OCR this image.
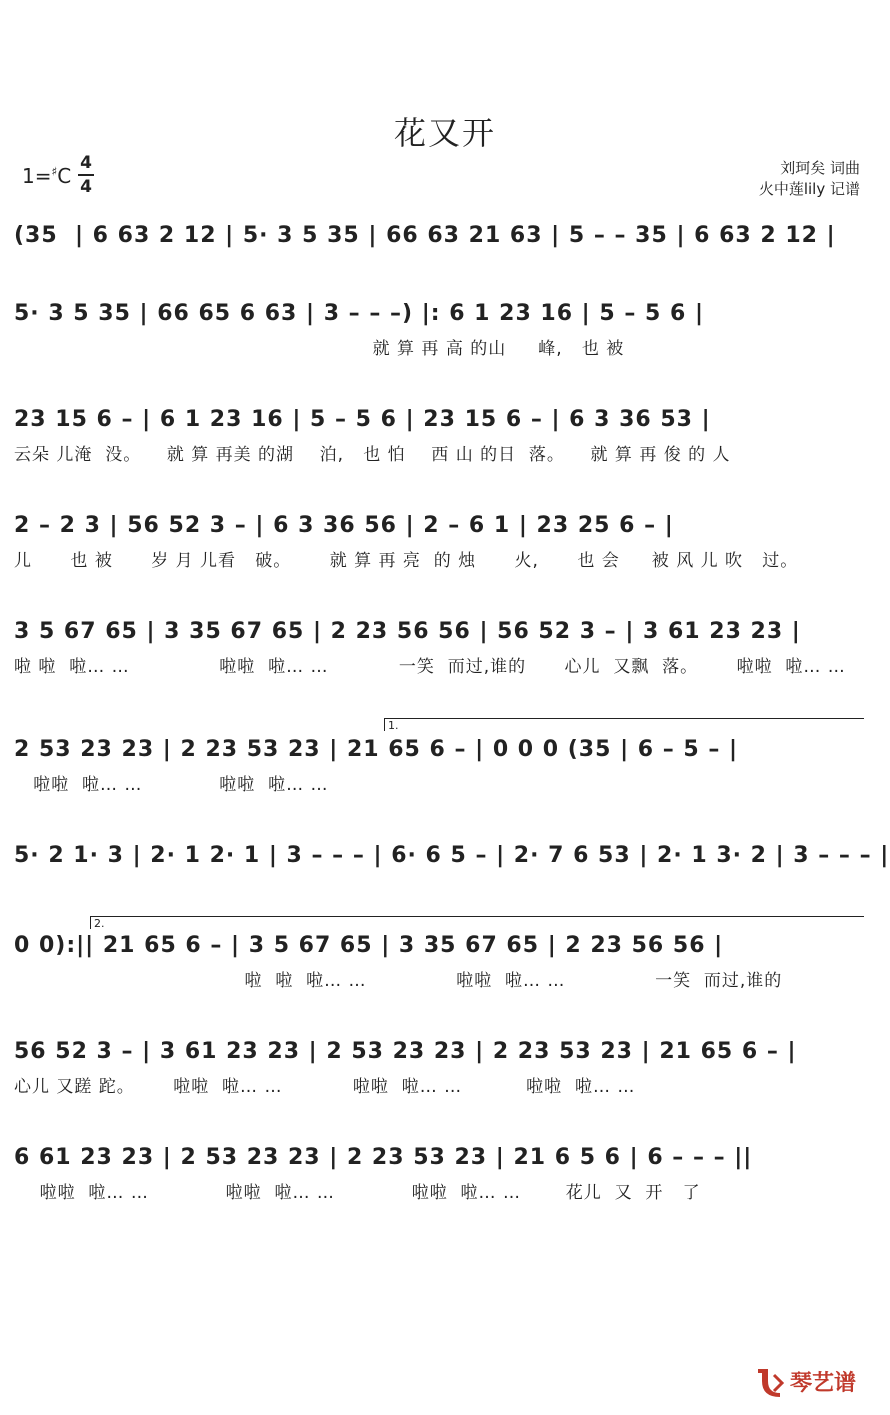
花又开
1=♯C
4
4
刘珂矣 词曲
火中莲lily 记谱
(35  | 6 63 2 12 | 5· 3 5 35 | 66 63 21 63 | 5 – – 35 | 6 63 2 12 |
5· 3 5 35 | 66 65 6 63 | 3 – – –) |: 6 1 23 16 | 5 – 5 6 |
就 算 再 高 的山     峰,   也 被
23 15 6 – | 6 1 23 16 | 5 – 5 6 | 23 15 6 – | 6 3 36 53 |
云朵 儿淹  没。    就 算 再美 的湖    泊,   也 怕    西 山 的日  落。    就 算 再 俊 的 人
2 – 2 3 | 56 52 3 – | 6 3 36 56 | 2 – 6 1 | 23 25 6 – |
儿      也 被      岁 月 儿看   破。      就 算 再 亮  的 烛      火,      也 会     被 风 儿 吹   过。
3 5 67 65 | 3 35 67 65 | 2 23 56 56 | 56 52 3 – | 3 61 23 23 |
啦 啦  啦… …              啦啦  啦… …           一笑  而过,谁的      心儿  又飘  落。      啦啦  啦… …
2 53 23 23 | 2 23 53 23 | 21 65 6 – | 0 0 0 (35 | 6 – 5 – |
啦啦  啦… …            啦啦  啦… …
1.
5· 2 1· 3 | 2· 1 2· 1 | 3 – – – | 6· 6 5 – | 2· 7 6 53 | 2· 1 3· 2 | 3 – – – |
0 0):|| 21 65 6 – | 3 5 67 65 | 3 35 67 65 | 2 23 56 56 |
啦  啦  啦… …              啦啦  啦… …              一笑  而过,谁的
2.
56 52 3 – | 3 61 23 23 | 2 53 23 23 | 2 23 53 23 | 21 65 6 – |
心儿 又蹉 跎。      啦啦  啦… …           啦啦  啦… …          啦啦  啦… …
6 61 23 23 | 2 53 23 23 | 2 23 53 23 | 21 6 5 6 | 6 – – – ||
啦啦  啦… …            啦啦  啦… …            啦啦  啦… …       花儿  又  开   了
琴艺谱
